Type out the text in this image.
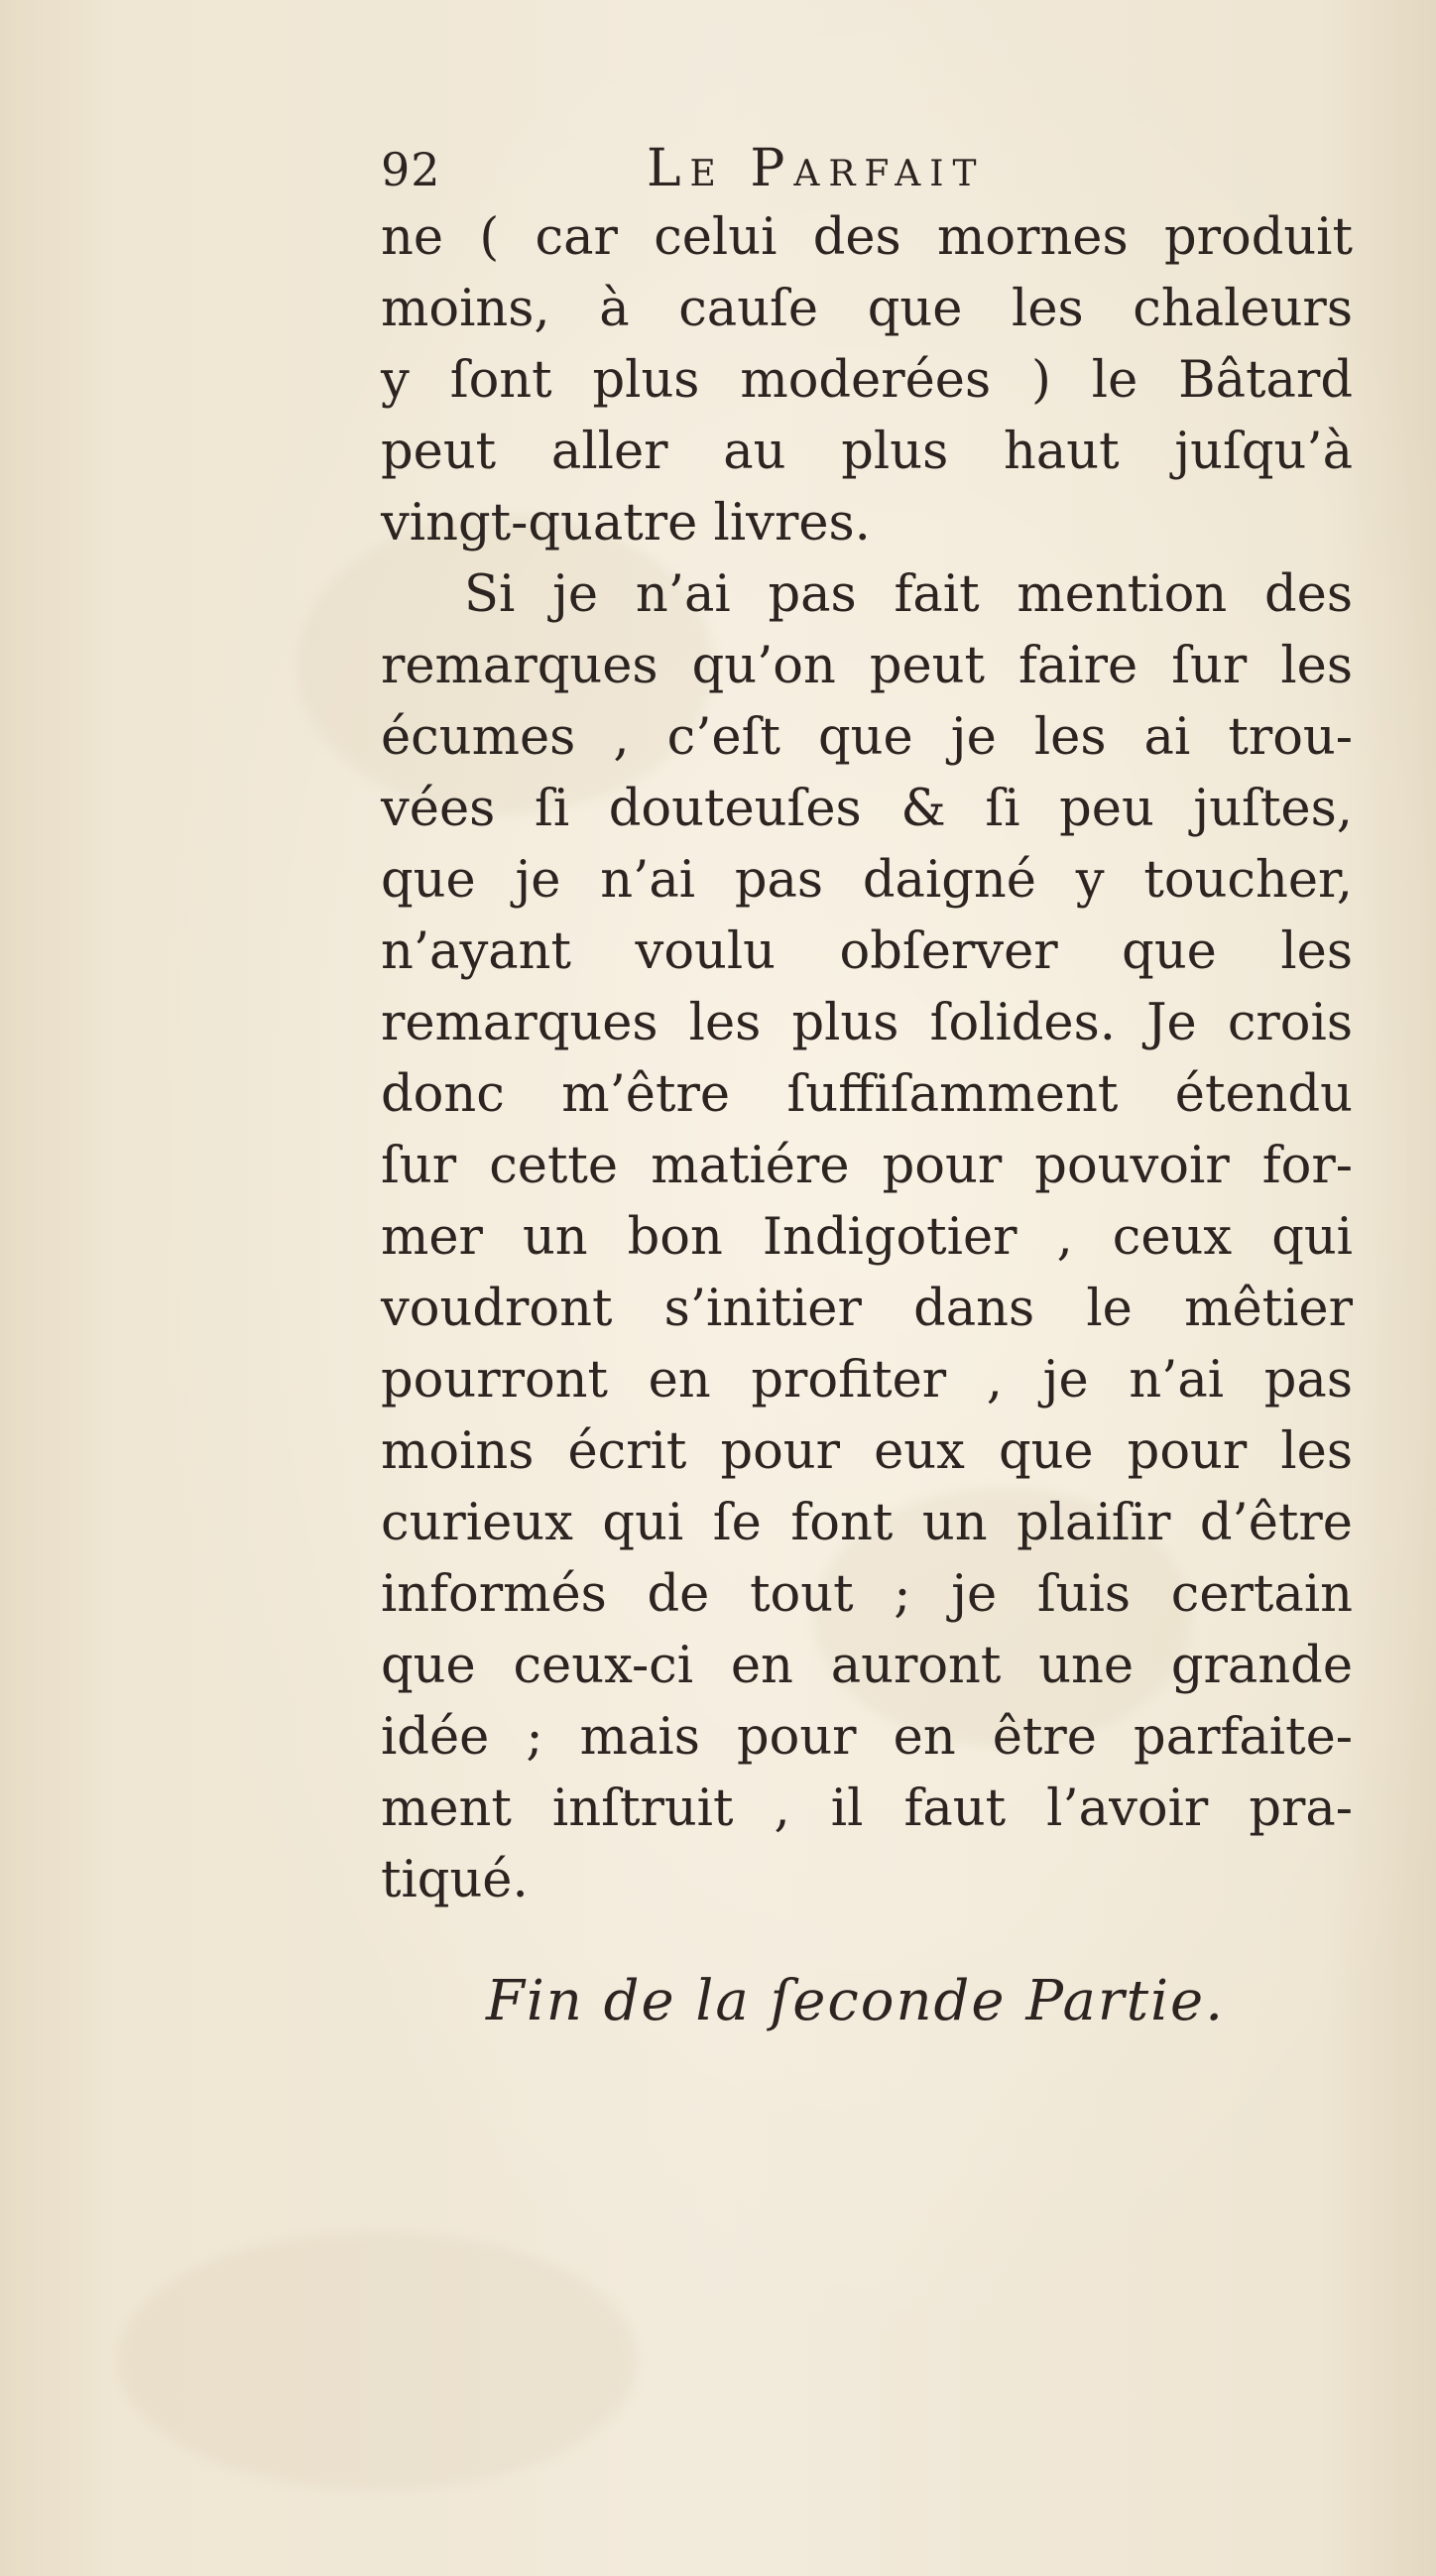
92	Le Parfait
ne ( car celui des mornes produit
moins, à cauſe que les chaleurs
y ſont plus moderées ) le Bâtard
peut aller au plus haut juſqu’à
vingt-quatre livres.
Si je n’ai pas fait mention des
remarques qu’on peut faire ſur les
écumes , c’eſt que je les ai trou-
vées ſi douteuſes & ſi peu juſtes,
que je n’ai pas daigné y toucher,
n’ayant voulu obſerver que les
remarques les plus ſolides. Je crois
donc m’être ſuffiſamment étendu
ſur cette matiére pour pouvoir for-
mer un bon Indigotier , ceux qui
voudront s’initier dans le mêtier
pourront en profiter , je n’ai pas
moins écrit pour eux que pour les
curieux qui ſe font un plaiſir d’être
informés de tout ; je ſuis certain
que ceux-ci en auront une grande
idée ; mais pour en être parfaite-
ment inſtruit , il faut l’avoir pra-
tiqué.
Fin de la ſeconde Partie.
